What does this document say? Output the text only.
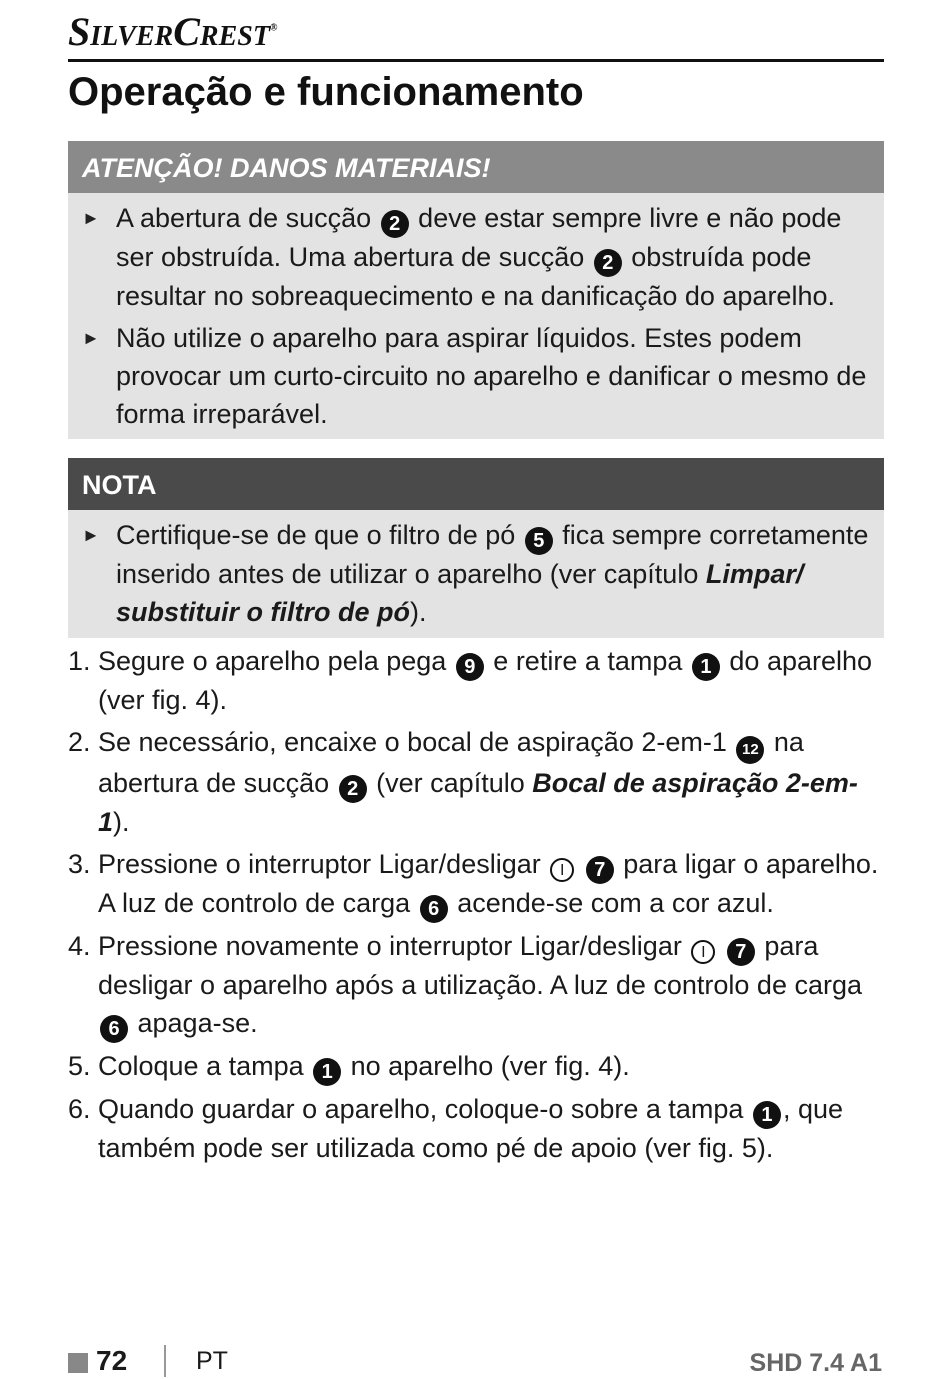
SilverCrest®
Operação e funcionamento
ATENÇÃO! DANOS MATERIAIS!
► A abertura de sucção 2 deve estar sempre livre e não pode ser obstruída. Uma abertura de sucção 2 obstruída pode resultar no sobreaquecimento e na danificação do aparelho.
► Não utilize o aparelho para aspirar líquidos. Estes podem provocar um curto-circuito no aparelho e danificar o mesmo de forma irreparável.
NOTA
► Certifique-se de que o filtro de pó 5 fica sempre corretamente inserido antes de utilizar o aparelho (ver capítulo Limpar/ substituir o filtro de pó).
1. Segure o aparelho pela pega 9 e retire a tampa 1 do aparelho (ver fig. 4).
2. Se necessário, encaixe o bocal de aspiração 2-em-1 12 na abertura de sucção 2 (ver capítulo Bocal de aspiração 2-em-1).
3. Pressione o interruptor Ligar/desligar I 7 para ligar o aparelho. A luz de controlo de carga 6 acende-se com a cor azul.
4. Pressione novamente o interruptor Ligar/desligar I 7 para desligar o aparelho após a utilização. A luz de controlo de carga 6 apaga-se.
5. Coloque a tampa 1 no aparelho (ver fig. 4).
6. Quando guardar o aparelho, coloque-o sobre a tampa 1 , que também pode ser utilizada como pé de apoio (ver fig. 5).
72	PT	SHD 7.4 A1
